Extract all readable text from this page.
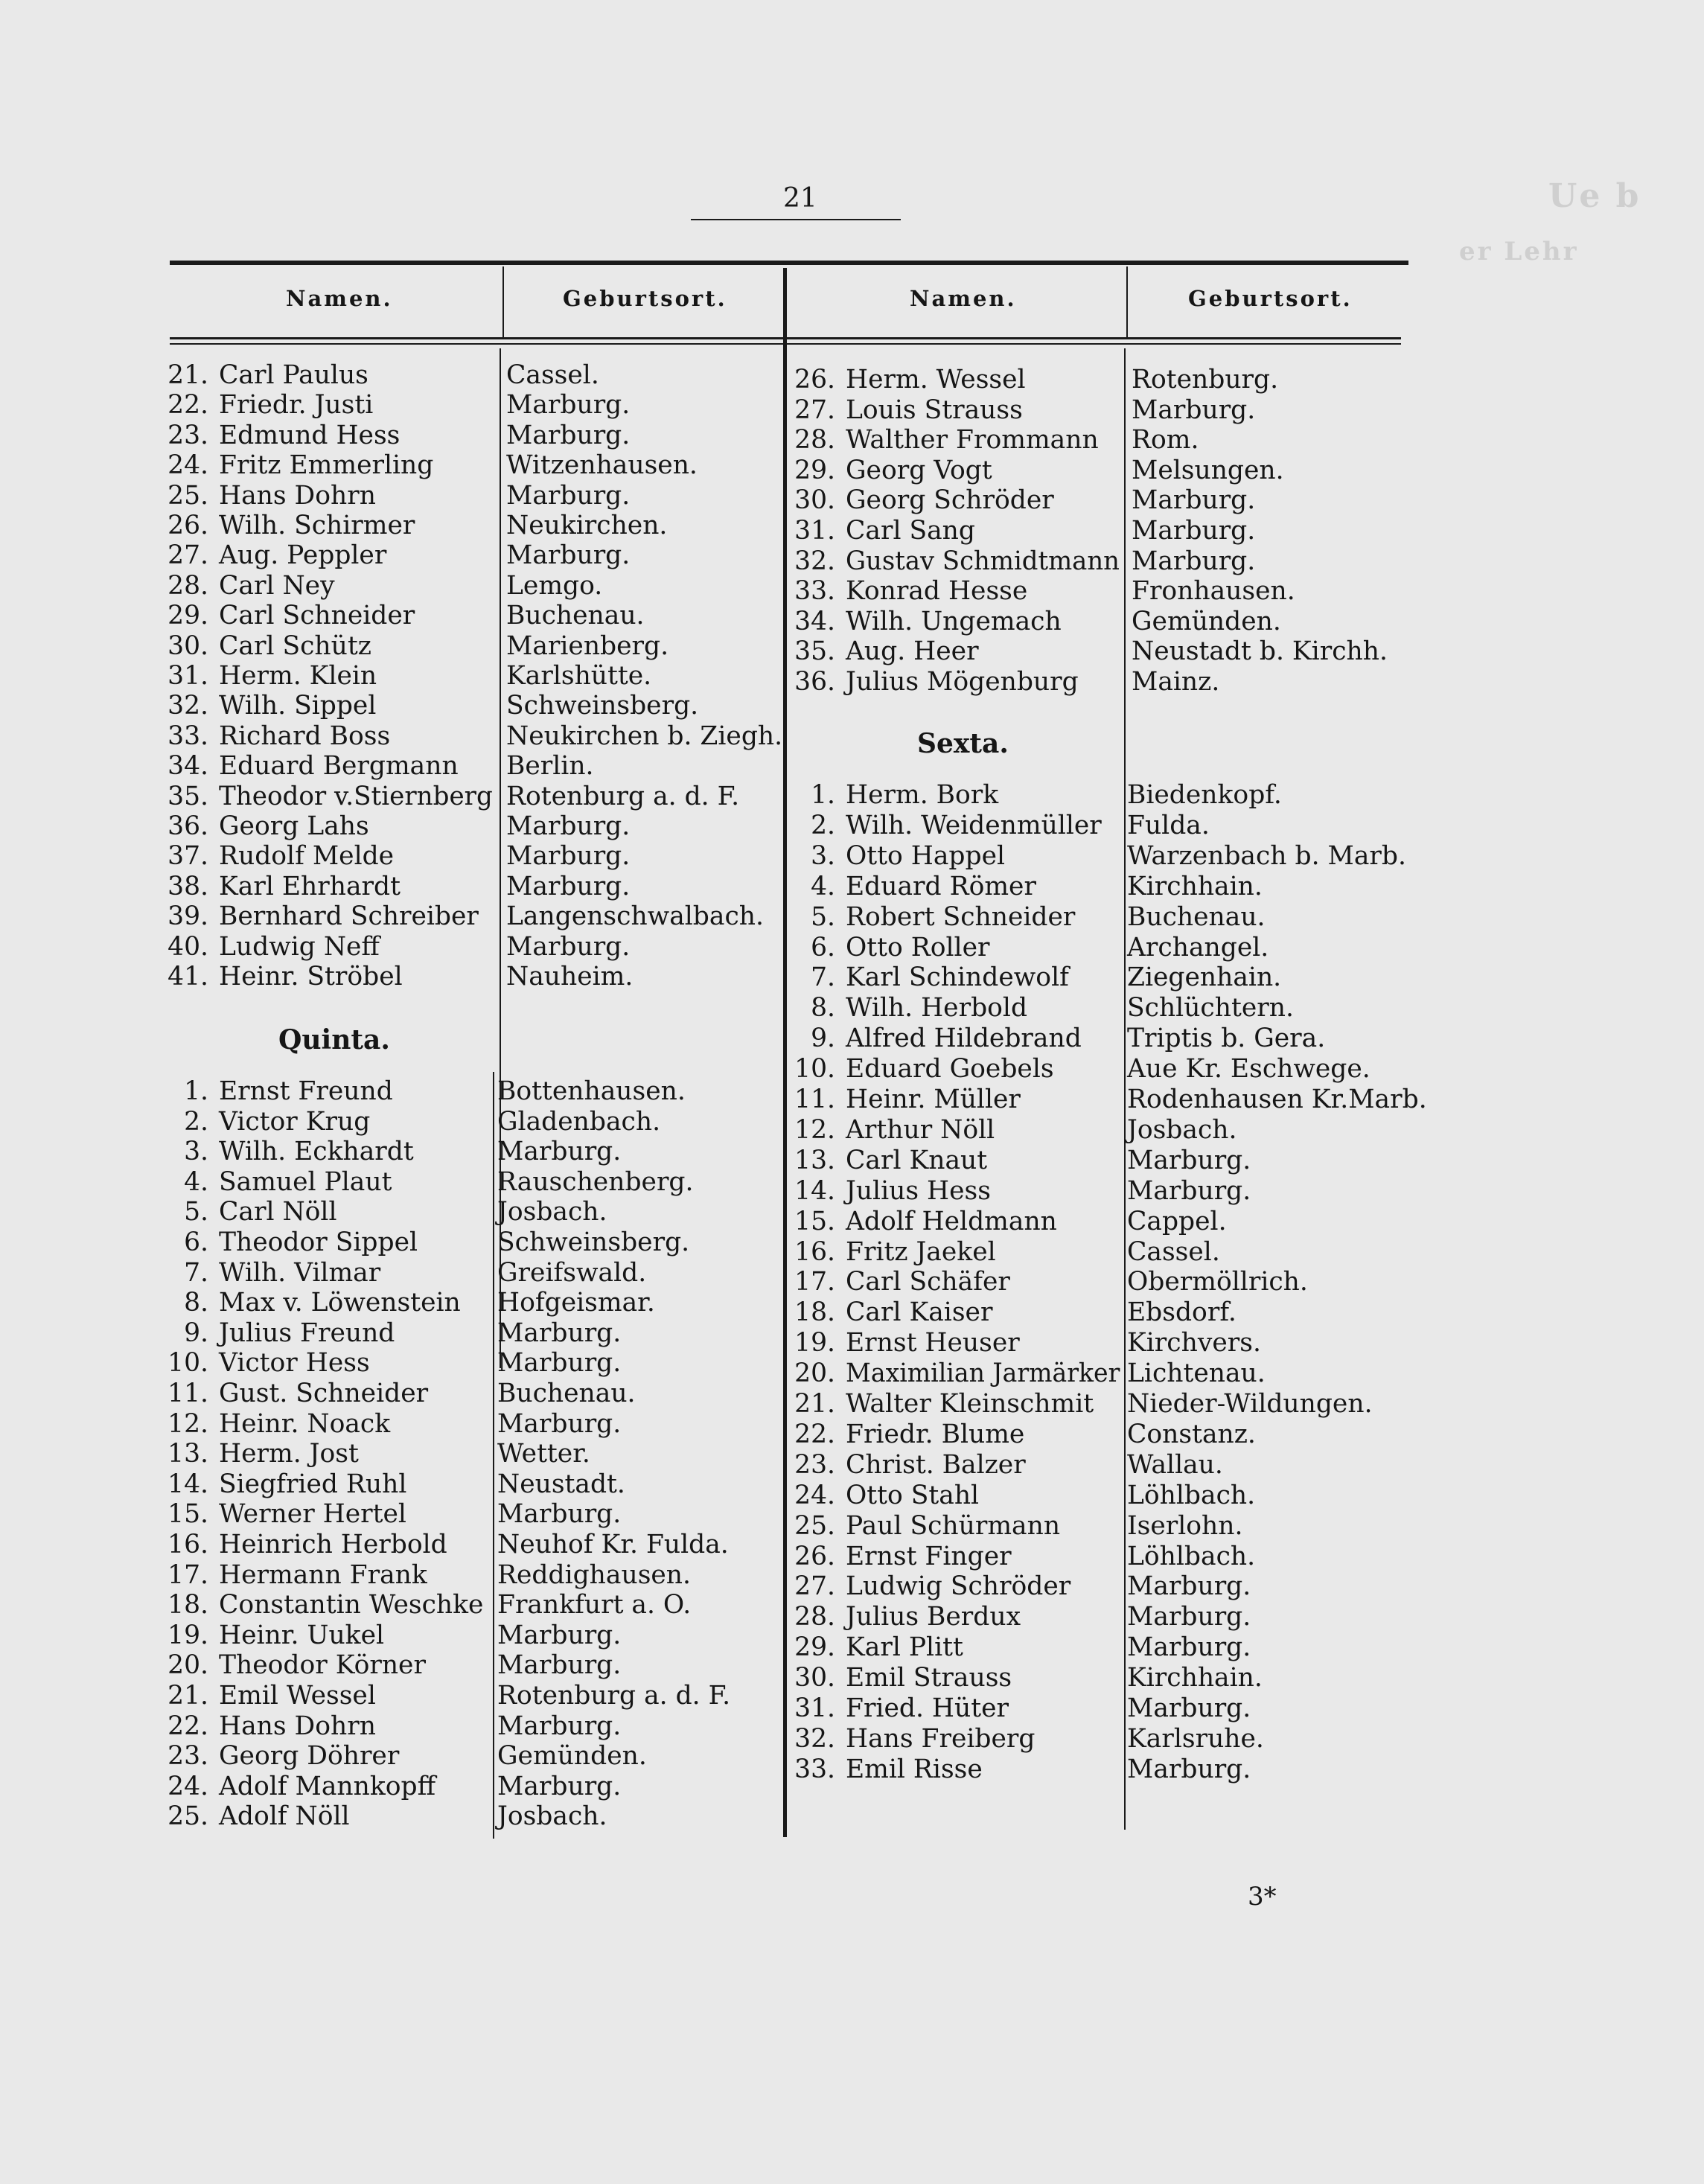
Ue b
er Lehr
21
Namen.	Geburtsort.	Namen.	Geburtsort.
Quinta.
Sexta.
21. Carl Paulus	Cassel.
22. Friedr. Justi	Marburg.
23. Edmund Hess	Marburg.
24. Fritz Emmerling	Witzenhausen.
25. Hans Dohrn	Marburg.
26. Wilh. Schirmer	Neukirchen.
27. Aug. Peppler	Marburg.
28. Carl Ney	Lemgo.
29. Carl Schneider	Buchenau.
30. Carl Schütz	Marienberg.
31. Herm. Klein	Karlshütte.
32. Wilh. Sippel	Schweinsberg.
33. Richard Boss	Neukirchen b. Ziegh.
34. Eduard Bergmann Berlin.
35. Theodor v.Stiernberg Rotenburg a. d. F.
36. Georg Lahs	Marburg.
37. Rudolf Melde	Marburg.
38. Karl Ehrhardt	Marburg.
39. Bernhard Schreiber Langenschwalbach.
40. Ludwig Neff	Marburg.
41. Heinr. Ströbel	Nauheim.
1. Ernst Freund	Bottenhausen.
2. Victor Krug	Gladenbach.
3. Wilh. Eckhardt	Marburg.
4. Samuel Plaut	Rauschenberg.
5. Carl Nöll	Josbach.
6. Theodor Sippel	Schweinsberg.
7. Wilh. Vilmar	Greifswald.
8. Max v. Löwenstein Hofgeismar.
9. Julius Freund	Marburg.
10. Victor Hess	Marburg.
11. Gust. Schneider	Buchenau.
12. Heinr. Noack	Marburg.
13. Herm. Jost	Wetter.
14. Siegfried Ruhl	Neustadt.
15. Werner Hertel	Marburg.
16. Heinrich Herbold Neuhof Kr. Fulda.
17. Hermann Frank	Reddighausen.
18. Constantin Weschke Frankfurt a. O.
19. Heinr. Uukel	Marburg.
20. Theodor Körner	Marburg.
21. Emil Wessel	Rotenburg a. d. F.
22. Hans Dohrn	Marburg.
23. Georg Döhrer	Gemünden.
24. Adolf Mannkopff Marburg.
25. Adolf Nöll	Josbach.
26. Herm. Wessel	Rotenburg.
27. Louis Strauss	Marburg.
28. Walther Frommann Rom.
29. Georg Vogt	Melsungen.
30. Georg Schröder	Marburg.
31. Carl Sang	Marburg.
32. Gustav Schmidtmann Marburg.
33. Konrad Hesse	Fronhausen.
34. Wilh. Ungemach	Gemünden.
35. Aug. Heer	Neustadt b. Kirchh.
36. Julius Mögenburg Mainz.
1. Herm. Bork	Biedenkopf.
2. Wilh. Weidenmüller Fulda.
3. Otto Happel	Warzenbach b. Marb.
4. Eduard Römer	Kirchhain.
5. Robert Schneider Buchenau.
6. Otto Roller	Archangel.
7. Karl Schindewolf Ziegenhain.
8. Wilh. Herbold	Schlüchtern.
9. Alfred Hildebrand Triptis b. Gera.
10. Eduard Goebels	Aue Kr. Eschwege.
11. Heinr. Müller	Rodenhausen Kr.Marb.
12. Arthur Nöll	Josbach.
13. Carl Knaut	Marburg.
14. Julius Hess	Marburg.
15. Adolf Heldmann	Cappel.
16. Fritz Jaekel	Cassel.
17. Carl Schäfer	Obermöllrich.
18. Carl Kaiser	Ebsdorf.
19. Ernst Heuser	Kirchvers.
20. Maximilian Jarmärker Lichtenau.
21. Walter Kleinschmit Nieder-Wildungen.
22. Friedr. Blume	Constanz.
23. Christ. Balzer	Wallau.
24. Otto Stahl	Löhlbach.
25. Paul Schürmann	Iserlohn.
26. Ernst Finger	Löhlbach.
27. Ludwig Schröder Marburg.
28. Julius Berdux	Marburg.
29. Karl Plitt	Marburg.
30. Emil Strauss	Kirchhain.
31. Fried. Hüter	Marburg.
32. Hans Freiberg	Karlsruhe.
33. Emil Risse	Marburg.
3*
